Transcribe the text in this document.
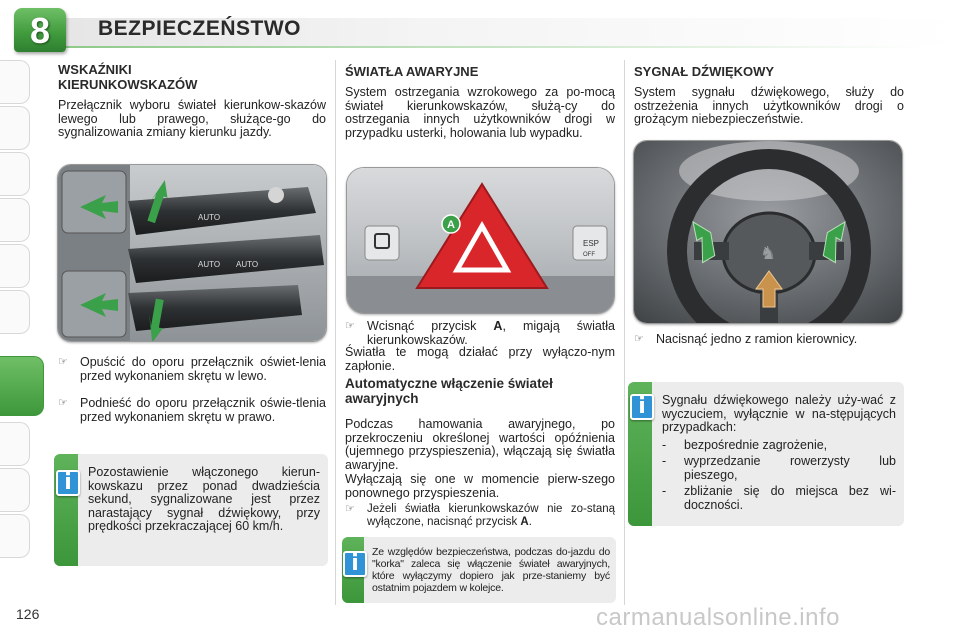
8	BEZPIECZEŃSTWO
WSKAŹNIKI
KIERUNKOWSKAZÓW
Przełącznik wyboru świateł kierunkow-skazów lewego lub prawego, służące-go do sygnalizowania zmiany kierunku jazdy.
AUTO
AUTO AUTO
☞ Opuścić do oporu przełącznik oświet-lenia przed wykonaniem skrętu w lewo.
☞ Podnieść do oporu przełącznik oświe-tlenia przed wykonaniem skrętu w prawo.
i	Pozostawienie włączonego kierun-kowskazu przez ponad dwadzieścia sekund, sygnalizowane jest przez narastający sygnał dźwiękowy, przy prędkości przekraczającej 60 km/h.
ŚWIATŁA AWARYJNE
System ostrzegania wzrokowego za po-mocą świateł kierunkowskazów, służą-cy do ostrzegania innych użytkowników drogi w przypadku usterki, holowania lub wypadku.
ESP
OFF
A
☞ Wcisnąć przycisk A, migają światła kierunkowskazów.
Światła te mogą działać przy wyłączo-nym zapłonie.
Automatyczne włączenie świateł awaryjnych
Podczas hamowania awaryjnego, po przekroczeniu określonej wartości opóźnienia (ujemnego przyspieszenia), włączają się światła awaryjne.
Wyłączają się one w momencie pierw-szego ponownego przyspieszenia.
☞ Jeżeli światła kierunkowskazów nie zo-staną wyłączone, nacisnąć przycisk A.
i	Ze względów bezpieczeństwa, podczas do-jazdu do "korka" zaleca się włączenie świateł awaryjnych, które wyłączymy dopiero jak prze-staniemy być ostatnim pojazdem w kolejce.
SYGNAŁ DŹWIĘKOWY
System sygnału dźwiękowego, służy do ostrzeżenia innych użytkowników drogi o grożącym niebezpieczeństwie.
♞
☞ Nacisnąć jedno z ramion kierownicy.
i	Sygnału dźwiękowego należy uży-wać z wyczuciem, wyłącznie w na-stępujących przypadkach:
- bezpośrednie zagrożenie,
- wyprzedzanie rowerzysty lub pieszego,
- zbliżanie się do miejsca bez wi-doczności.
126	carmanualsonline.info
